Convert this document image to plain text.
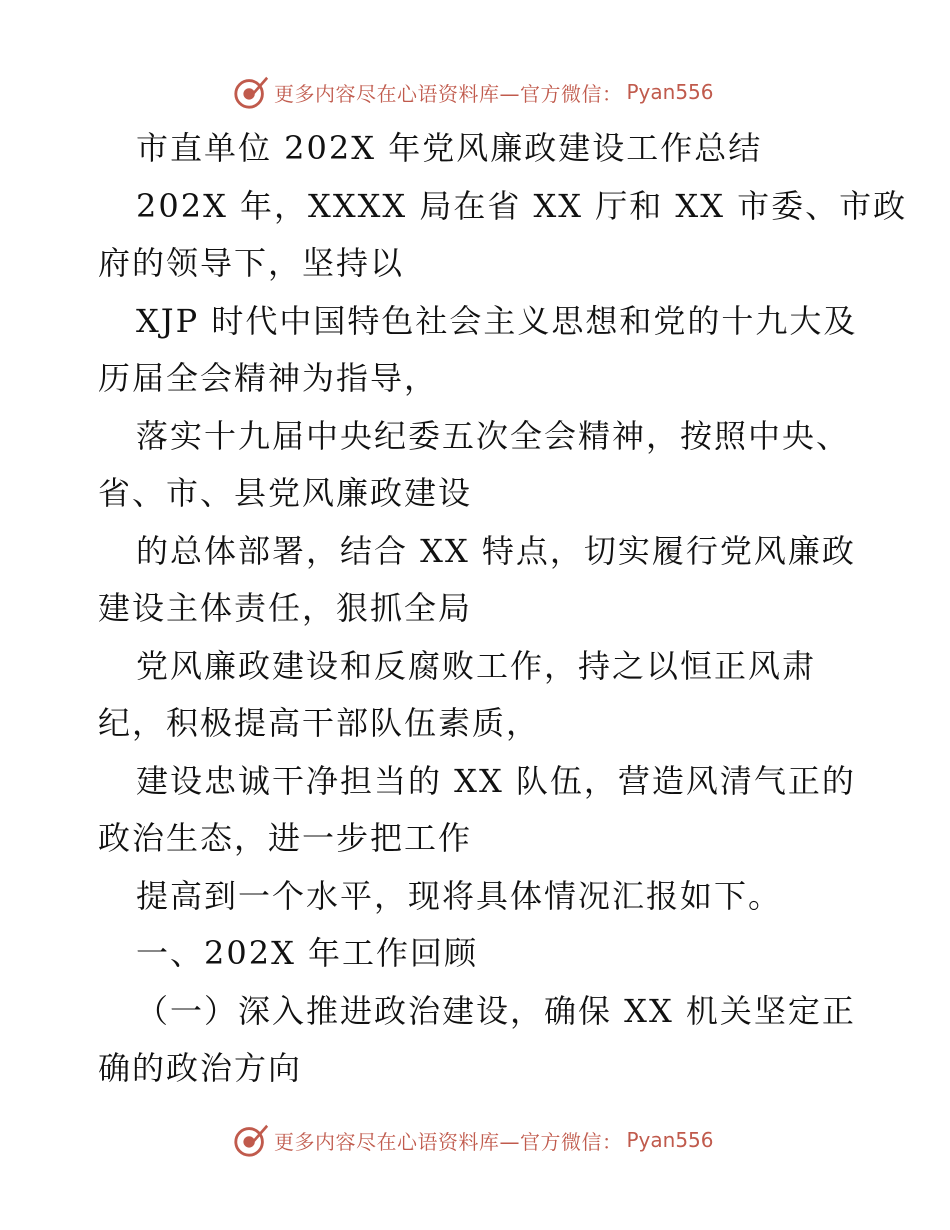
更多内容尽在心语资料库—官方微信： Pyan556
市直单位 202X 年党风廉政建设工作总结
202X 年，XXXX 局在省 XX 厅和 XX 市委、市政
府的领导下，坚持以
XJP 时代中国特色社会主义思想和党的十九大及
历届全会精神为指导，
落实十九届中央纪委五次全会精神，按照中央、
省、市、县党风廉政建设
的总体部署，结合 XX 特点，切实履行党风廉政
建设主体责任，狠抓全局
党风廉政建设和反腐败工作，持之以恒正风肃
纪，积极提高干部队伍素质，
建设忠诚干净担当的 XX 队伍，营造风清气正的
政治生态，进一步把工作
提高到一个水平，现将具体情况汇报如下。
一、202X 年工作回顾
（一）深入推进政治建设，确保 XX 机关坚定正
确的政治方向
更多内容尽在心语资料库—官方微信： Pyan556
